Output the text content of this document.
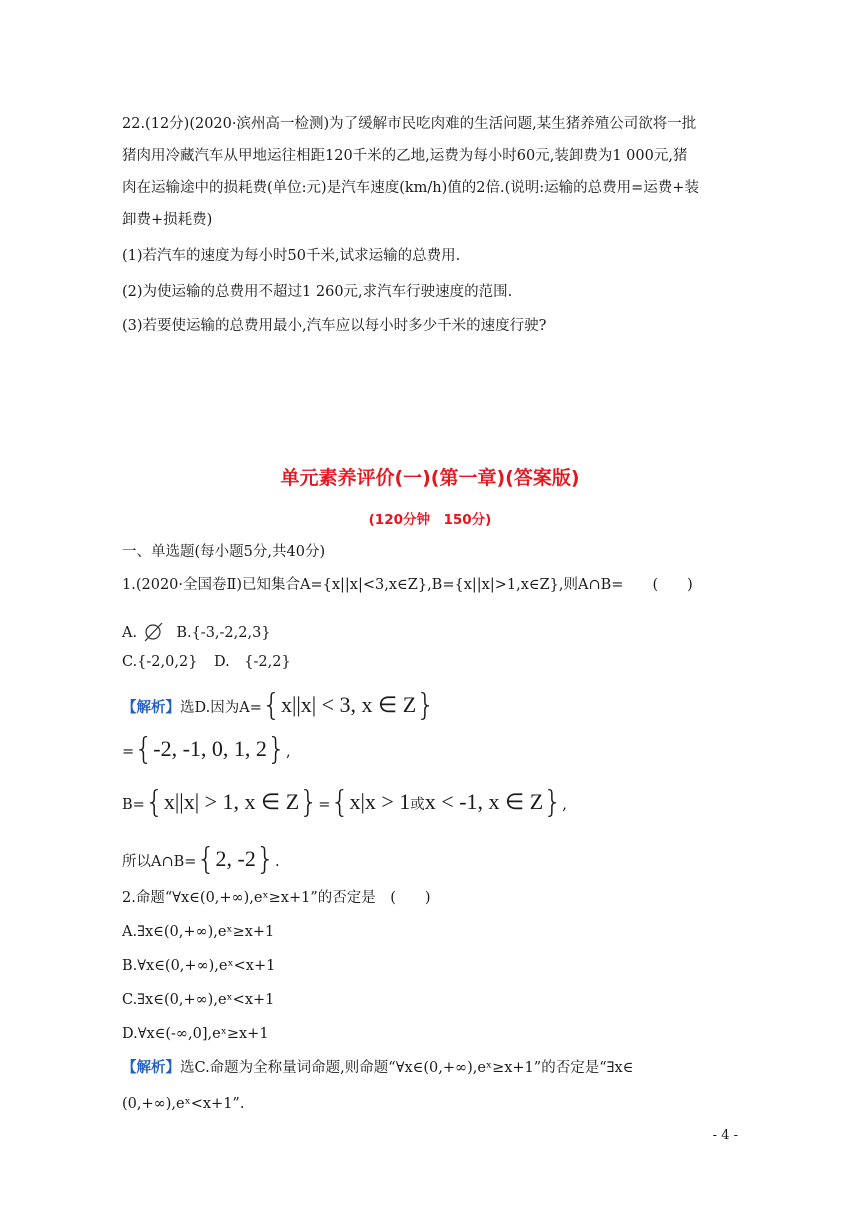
22.(12分)(2020·滨州高一检测)为了缓解市民吃肉难的生活问题,某生猪养殖公司欲将一批
猪肉用冷藏汽车从甲地运往相距120千米的乙地,运费为每小时60元,装卸费为1 000元,猪
肉在运输途中的损耗费(单位:元)是汽车速度(km/h)值的2倍.(说明:运输的总费用=运费+装
卸费+损耗费)
(1)若汽车的速度为每小时50千米,试求运输的总费用.
(2)为使运输的总费用不超过1 260元,求汽车行驶速度的范围.
(3)若要使运输的总费用最小,汽车应以每小时多少千米的速度行驶?
单元素养评价(一)(第一章)(答案版)
(120分钟　150分)
一、单选题(每小题5分,共40分)
1.(2020·全国卷Ⅱ)已知集合A={x||x|<3,x∈Z},B={x||x|>1,x∈Z},则A∩B=　　(　　)
A.	B.{-3,-2,2,3}
C.{-2,0,2} D.　{-2,2}
【解析】选D.因为A={x||x| < 3, x ∈ Z}
={-2, -1, 0, 1, 2},
B={x||x| > 1, x ∈ Z}={x|x > 1或x < -1, x ∈ Z},
所以A∩B={2, -2}.
2.命题“∀x∈(0,+∞),eˣ≥x+1”的否定是　(　　)
A.∃x∈(0,+∞),eˣ≥x+1
B.∀x∈(0,+∞),eˣ<x+1
C.∃x∈(0,+∞),eˣ<x+1
D.∀x∈(-∞,0],eˣ≥x+1
【解析】选C.命题为全称量词命题,则命题“∀x∈(0,+∞),eˣ≥x+1”的否定是“∃x∈
(0,+∞),eˣ<x+1”.
- 4 -
